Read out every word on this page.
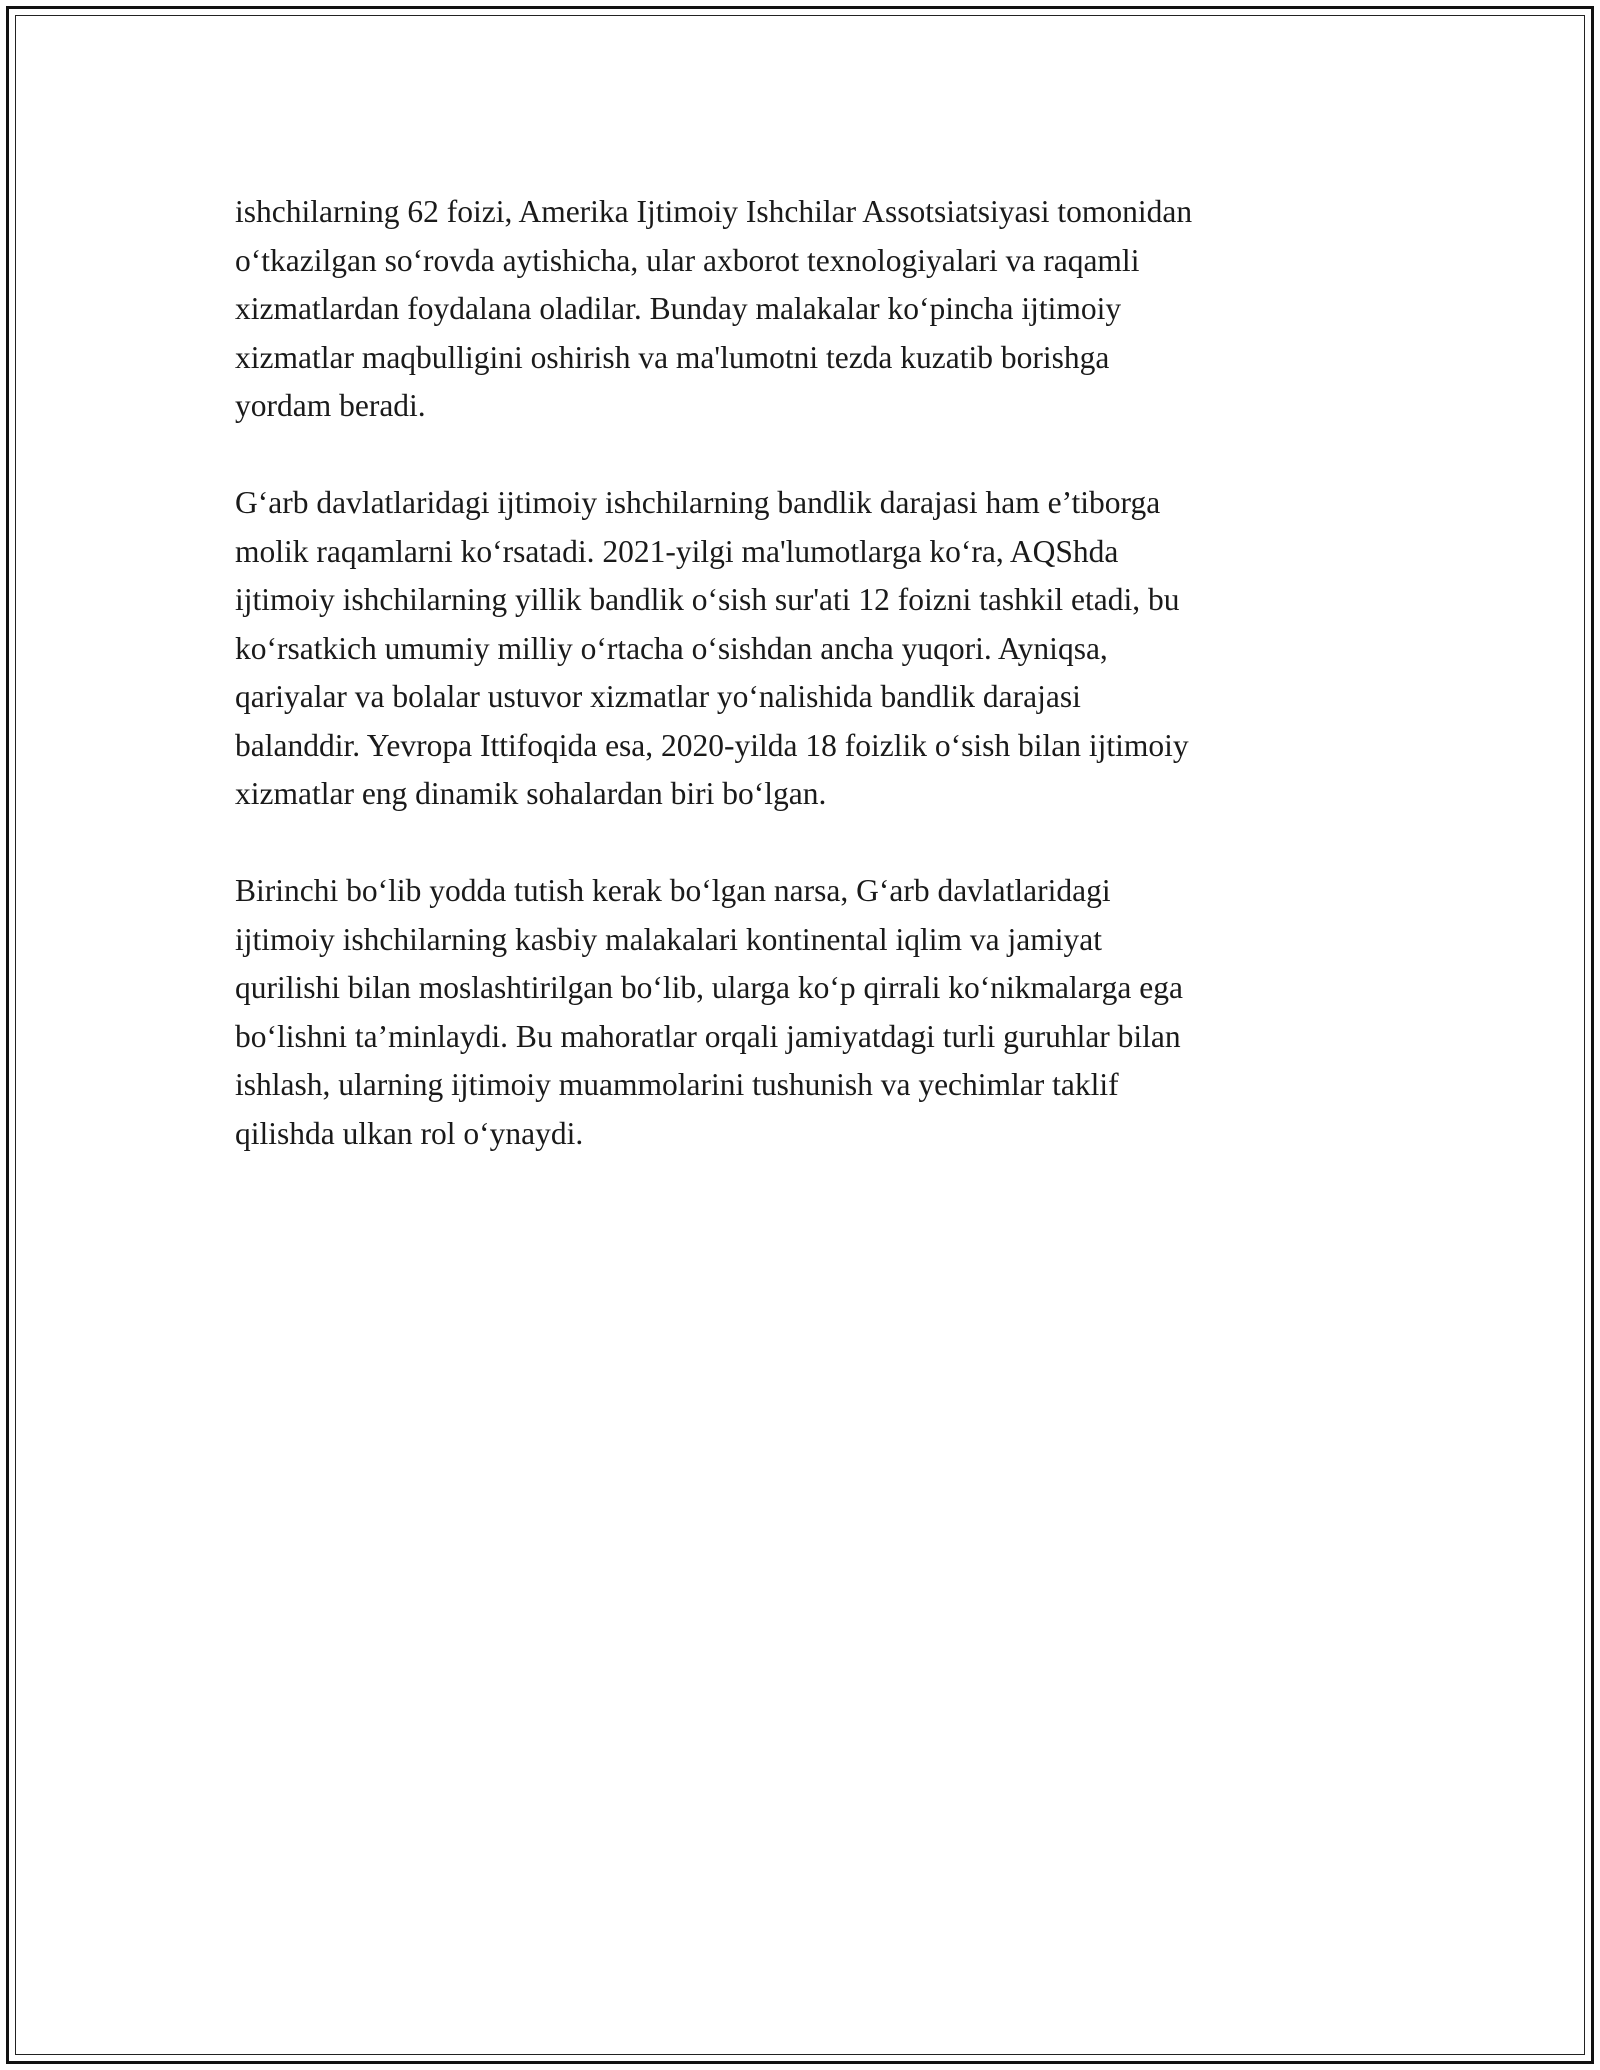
ishchilarning 62 foizi, Amerika Ijtimoiy Ishchilar Assotsiatsiyasi tomonidan
o‘tkazilgan so‘rovda aytishicha, ular axborot texnologiyalari va raqamli
xizmatlardan foydalana oladilar. Bunday malakalar ko‘pincha ijtimoiy
xizmatlar maqbulligini oshirish va ma'lumotni tezda kuzatib borishga
yordam beradi.

G‘arb davlatlaridagi ijtimoiy ishchilarning bandlik darajasi ham e’tiborga
molik raqamlarni ko‘rsatadi. 2021-yilgi ma'lumotlarga ko‘ra, AQShda
ijtimoiy ishchilarning yillik bandlik o‘sish sur'ati 12 foizni tashkil etadi, bu
ko‘rsatkich umumiy milliy o‘rtacha o‘sishdan ancha yuqori. Ayniqsa,
qariyalar va bolalar ustuvor xizmatlar yo‘nalishida bandlik darajasi
balanddir. Yevropa Ittifoqida esa, 2020-yilda 18 foizlik o‘sish bilan ijtimoiy
xizmatlar eng dinamik sohalardan biri bo‘lgan.

Birinchi bo‘lib yodda tutish kerak bo‘lgan narsa, G‘arb davlatlaridagi
ijtimoiy ishchilarning kasbiy malakalari kontinental iqlim va jamiyat
qurilishi bilan moslashtirilgan bo‘lib, ularga ko‘p qirrali ko‘nikmalarga ega
bo‘lishni ta’minlaydi. Bu mahoratlar orqali jamiyatdagi turli guruhlar bilan
ishlash, ularning ijtimoiy muammolarini tushunish va yechimlar taklif
qilishda ulkan rol o‘ynaydi.
